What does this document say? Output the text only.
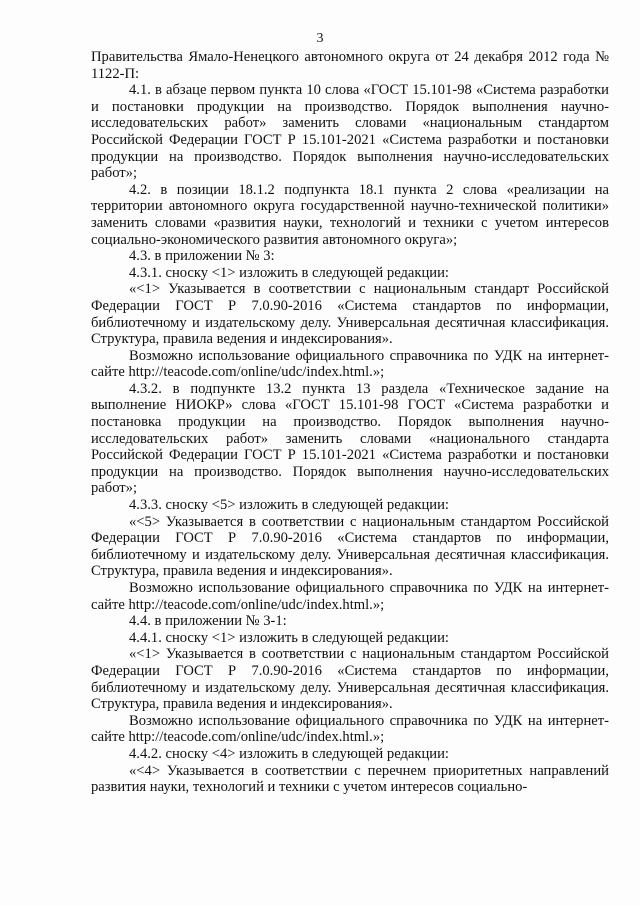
3

Правительства Ямало-Ненецкого автономного округа от 24 декабря 2012 года № 1122-П:

4.1. в абзаце первом пункта 10 слова «ГОСТ 15.101-98 «Система разработки и постановки продукции на производство. Порядок выполнения научно-исследовательских работ» заменить словами «национальным стандартом Российской Федерации ГОСТ Р 15.101-2021 «Система разработки и постановки продукции на производство. Порядок выполнения научно-исследовательских работ»;

4.2. в позиции 18.1.2 подпункта 18.1 пункта 2 слова «реализации на территории автономного округа государственной научно-технической политики» заменить словами «развития науки, технологий и техники с учетом интересов социально-экономического развития автономного округа»;

4.3. в приложении № 3:

4.3.1. сноску <1> изложить в следующей редакции:

«<1> Указывается в соответствии с национальным стандарт Российской Федерации ГОСТ Р 7.0.90-2016 «Система стандартов по информации, библиотечному и издательскому делу. Универсальная десятичная классификация. Структура, правила ведения и индексирования».

Возможно использование официального справочника по УДК на интернет-сайте http://teacode.com/online/udc/index.html.»;

4.3.2. в подпункте 13.2 пункта 13 раздела «Техническое задание на выполнение НИОКР» слова «ГОСТ 15.101-98 ГОСТ «Система разработки и постановка продукции на производство. Порядок выполнения научно-исследовательских работ» заменить словами «национального стандарта Российской Федерации ГОСТ Р 15.101-2021 «Система разработки и постановки продукции на производство. Порядок выполнения научно-исследовательских работ»;

4.3.3. сноску <5> изложить в следующей редакции:

«<5> Указывается в соответствии с национальным стандартом Российской Федерации ГОСТ Р 7.0.90-2016 «Система стандартов по информации, библиотечному и издательскому делу. Универсальная десятичная классификация. Структура, правила ведения и индексирования».

Возможно использование официального справочника по УДК на интернет-сайте http://teacode.com/online/udc/index.html.»;

4.4. в приложении № 3-1:

4.4.1. сноску <1> изложить в следующей редакции:

«<1> Указывается в соответствии с национальным стандартом Российской Федерации ГОСТ Р 7.0.90-2016 «Система стандартов по информации, библиотечному и издательскому делу. Универсальная десятичная классификация. Структура, правила ведения и индексирования».

Возможно использование официального справочника по УДК на интернет-сайте http://teacode.com/online/udc/index.html.»;

4.4.2. сноску <4> изложить в следующей редакции:

«<4> Указывается в соответствии с перечнем приоритетных направлений развития науки, технологий и техники с учетом интересов социально-
